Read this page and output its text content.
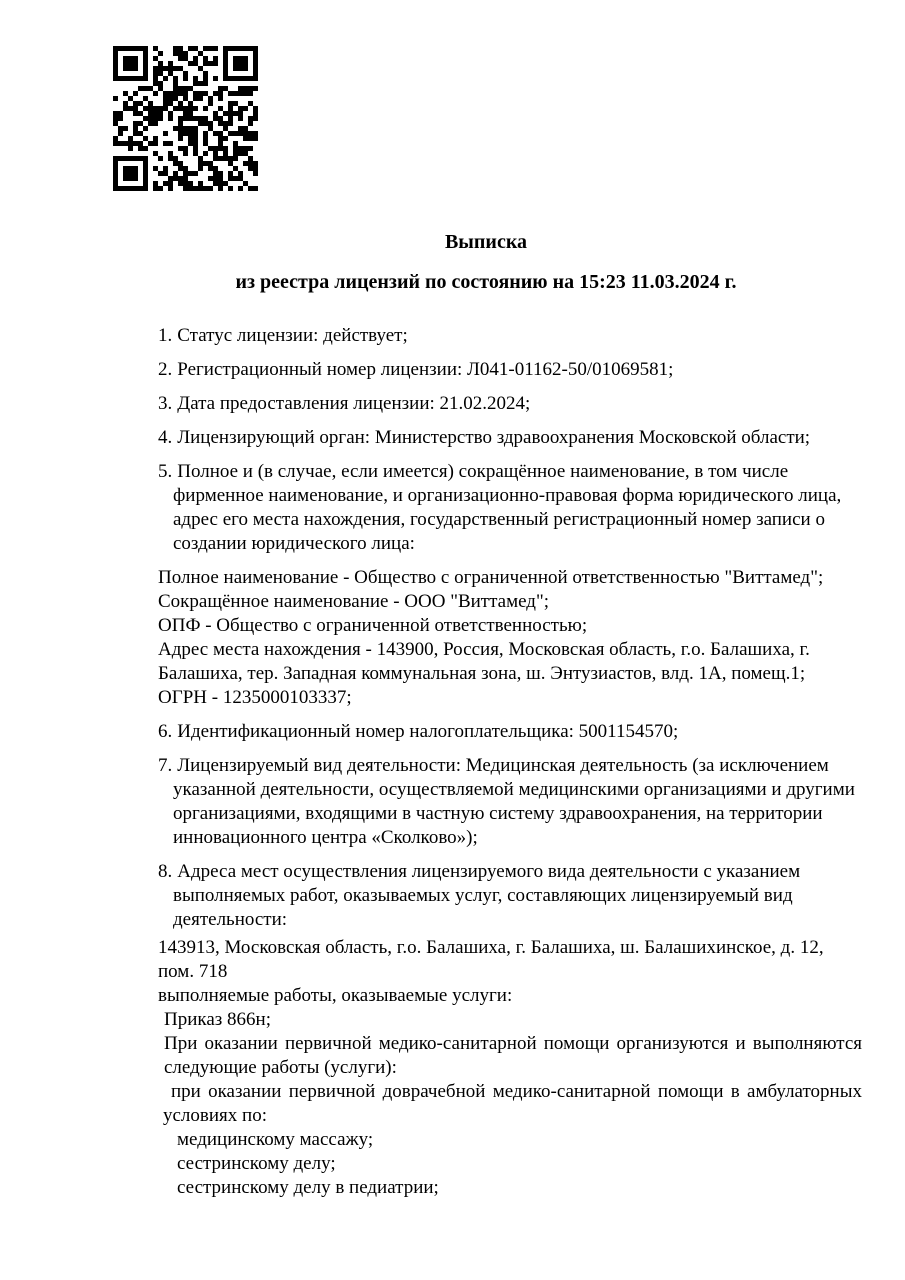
Выписка
из реестра лицензий по состоянию на 15:23 11.03.2024 г.

1. Статус лицензии: действует;

2. Регистрационный номер лицензии: Л041-01162-50/01069581;

3. Дата предоставления лицензии: 21.02.2024;

4. Лицензирующий орган: Министерство здравоохранения Московской области;

5. Полное и (в случае, если имеется) сокращённое наименование, в том числе фирменное наименование, и организационно-правовая форма юридического лица, адрес его места нахождения, государственный регистрационный номер записи о создании юридического лица:

Полное наименование - Общество с ограниченной ответственностью "Виттамед";

Сокращённое наименование - ООО "Виттамед";

ОПФ - Общество с ограниченной ответственностью;

Адрес места нахождения - 143900, Россия, Московская область, г.о. Балашиха, г. Балашиха, тер. Западная коммунальная зона, ш. Энтузиастов, влд. 1А, помещ.1;

ОГРН - 1235000103337;

6. Идентификационный номер налогоплательщика: 5001154570;

7. Лицензируемый вид деятельности: Медицинская деятельность (за исключением указанной деятельности, осуществляемой медицинскими организациями и другими организациями, входящими в частную систему здравоохранения, на территории инновационного центра «Сколково»);

8. Адреса мест осуществления лицензируемого вида деятельности с указанием выполняемых работ, оказываемых услуг, составляющих лицензируемый вид деятельности:

143913, Московская область, г.о. Балашиха, г. Балашиха, ш. Балашихинское, д. 12, пом. 718

выполняемые работы, оказываемые услуги:

Приказ 866н;

При оказании первичной медико-санитарной помощи организуются и выполняются следующие работы (услуги):

при оказании первичной доврачебной медико-санитарной помощи в амбулаторных условиях по:

медицинскому массажу;

сестринскому делу;

сестринскому делу в педиатрии;
